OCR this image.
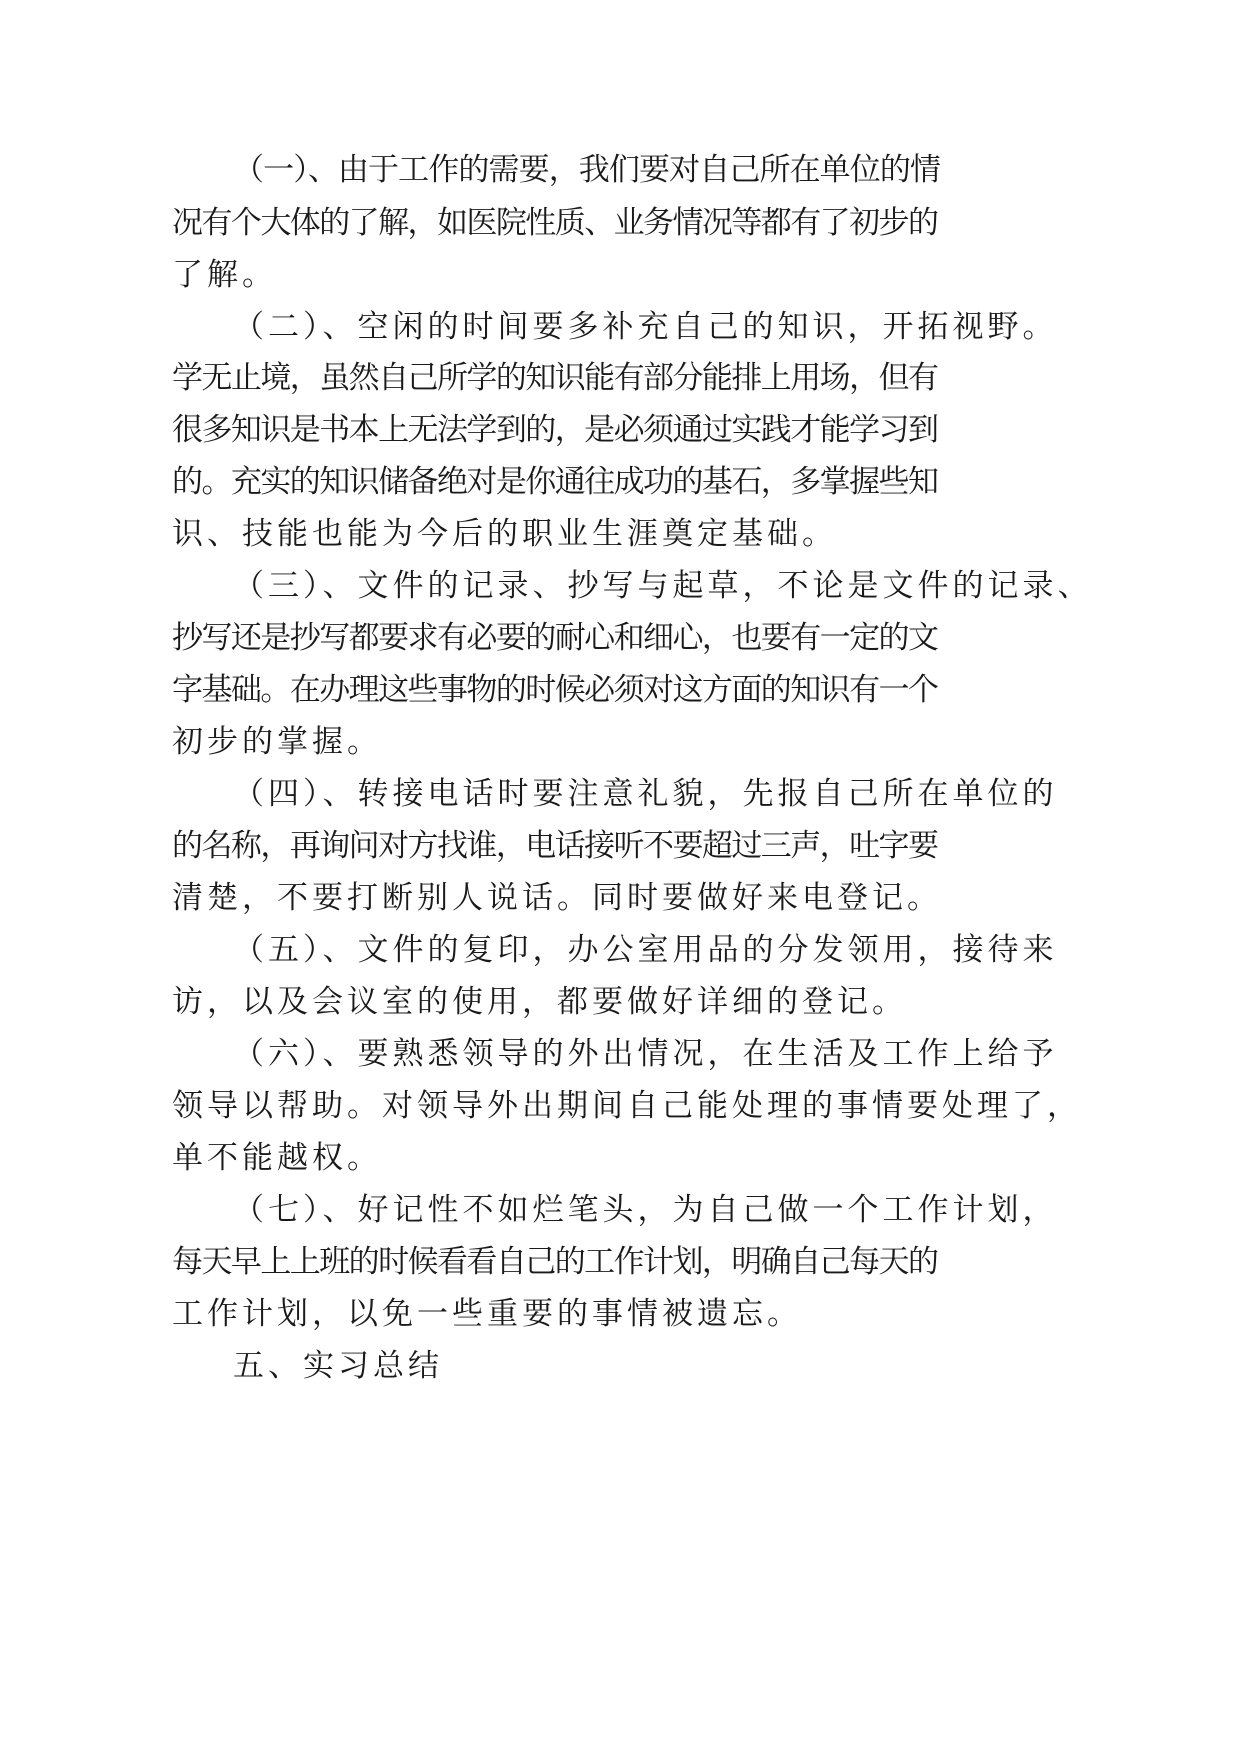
（一）、由于工作的需要，我们要对自己所在单位的情
况有个大体的了解，如医院性质、业务情况等都有了初步的
了解。
（二）、空闲的时间要多补充自己的知识，开拓视野。
学无止境，虽然自己所学的知识能有部分能排上用场，但有
很多知识是书本上无法学到的，是必须通过实践才能学习到
的。充实的知识储备绝对是你通往成功的基石，多掌握些知
识、技能也能为今后的职业生涯奠定基础。
（三）、文件的记录、抄写与起草，不论是文件的记录、
抄写还是抄写都要求有必要的耐心和细心，也要有一定的文
字基础。在办理这些事物的时候必须对这方面的知识有一个
初步的掌握。
（四）、转接电话时要注意礼貌，先报自己所在单位的
的名称，再询问对方找谁，电话接听不要超过三声，吐字要
清楚，不要打断别人说话。同时要做好来电登记。
（五）、文件的复印，办公室用品的分发领用，接待来
访，以及会议室的使用，都要做好详细的登记。
（六）、要熟悉领导的外出情况，在生活及工作上给予
领导以帮助。对领导外出期间自己能处理的事情要处理了，
单不能越权。
（七）、好记性不如烂笔头，为自己做一个工作计划，
每天早上上班的时候看看自己的工作计划，明确自己每天的
工作计划，以免一些重要的事情被遗忘。
五、实习总结
